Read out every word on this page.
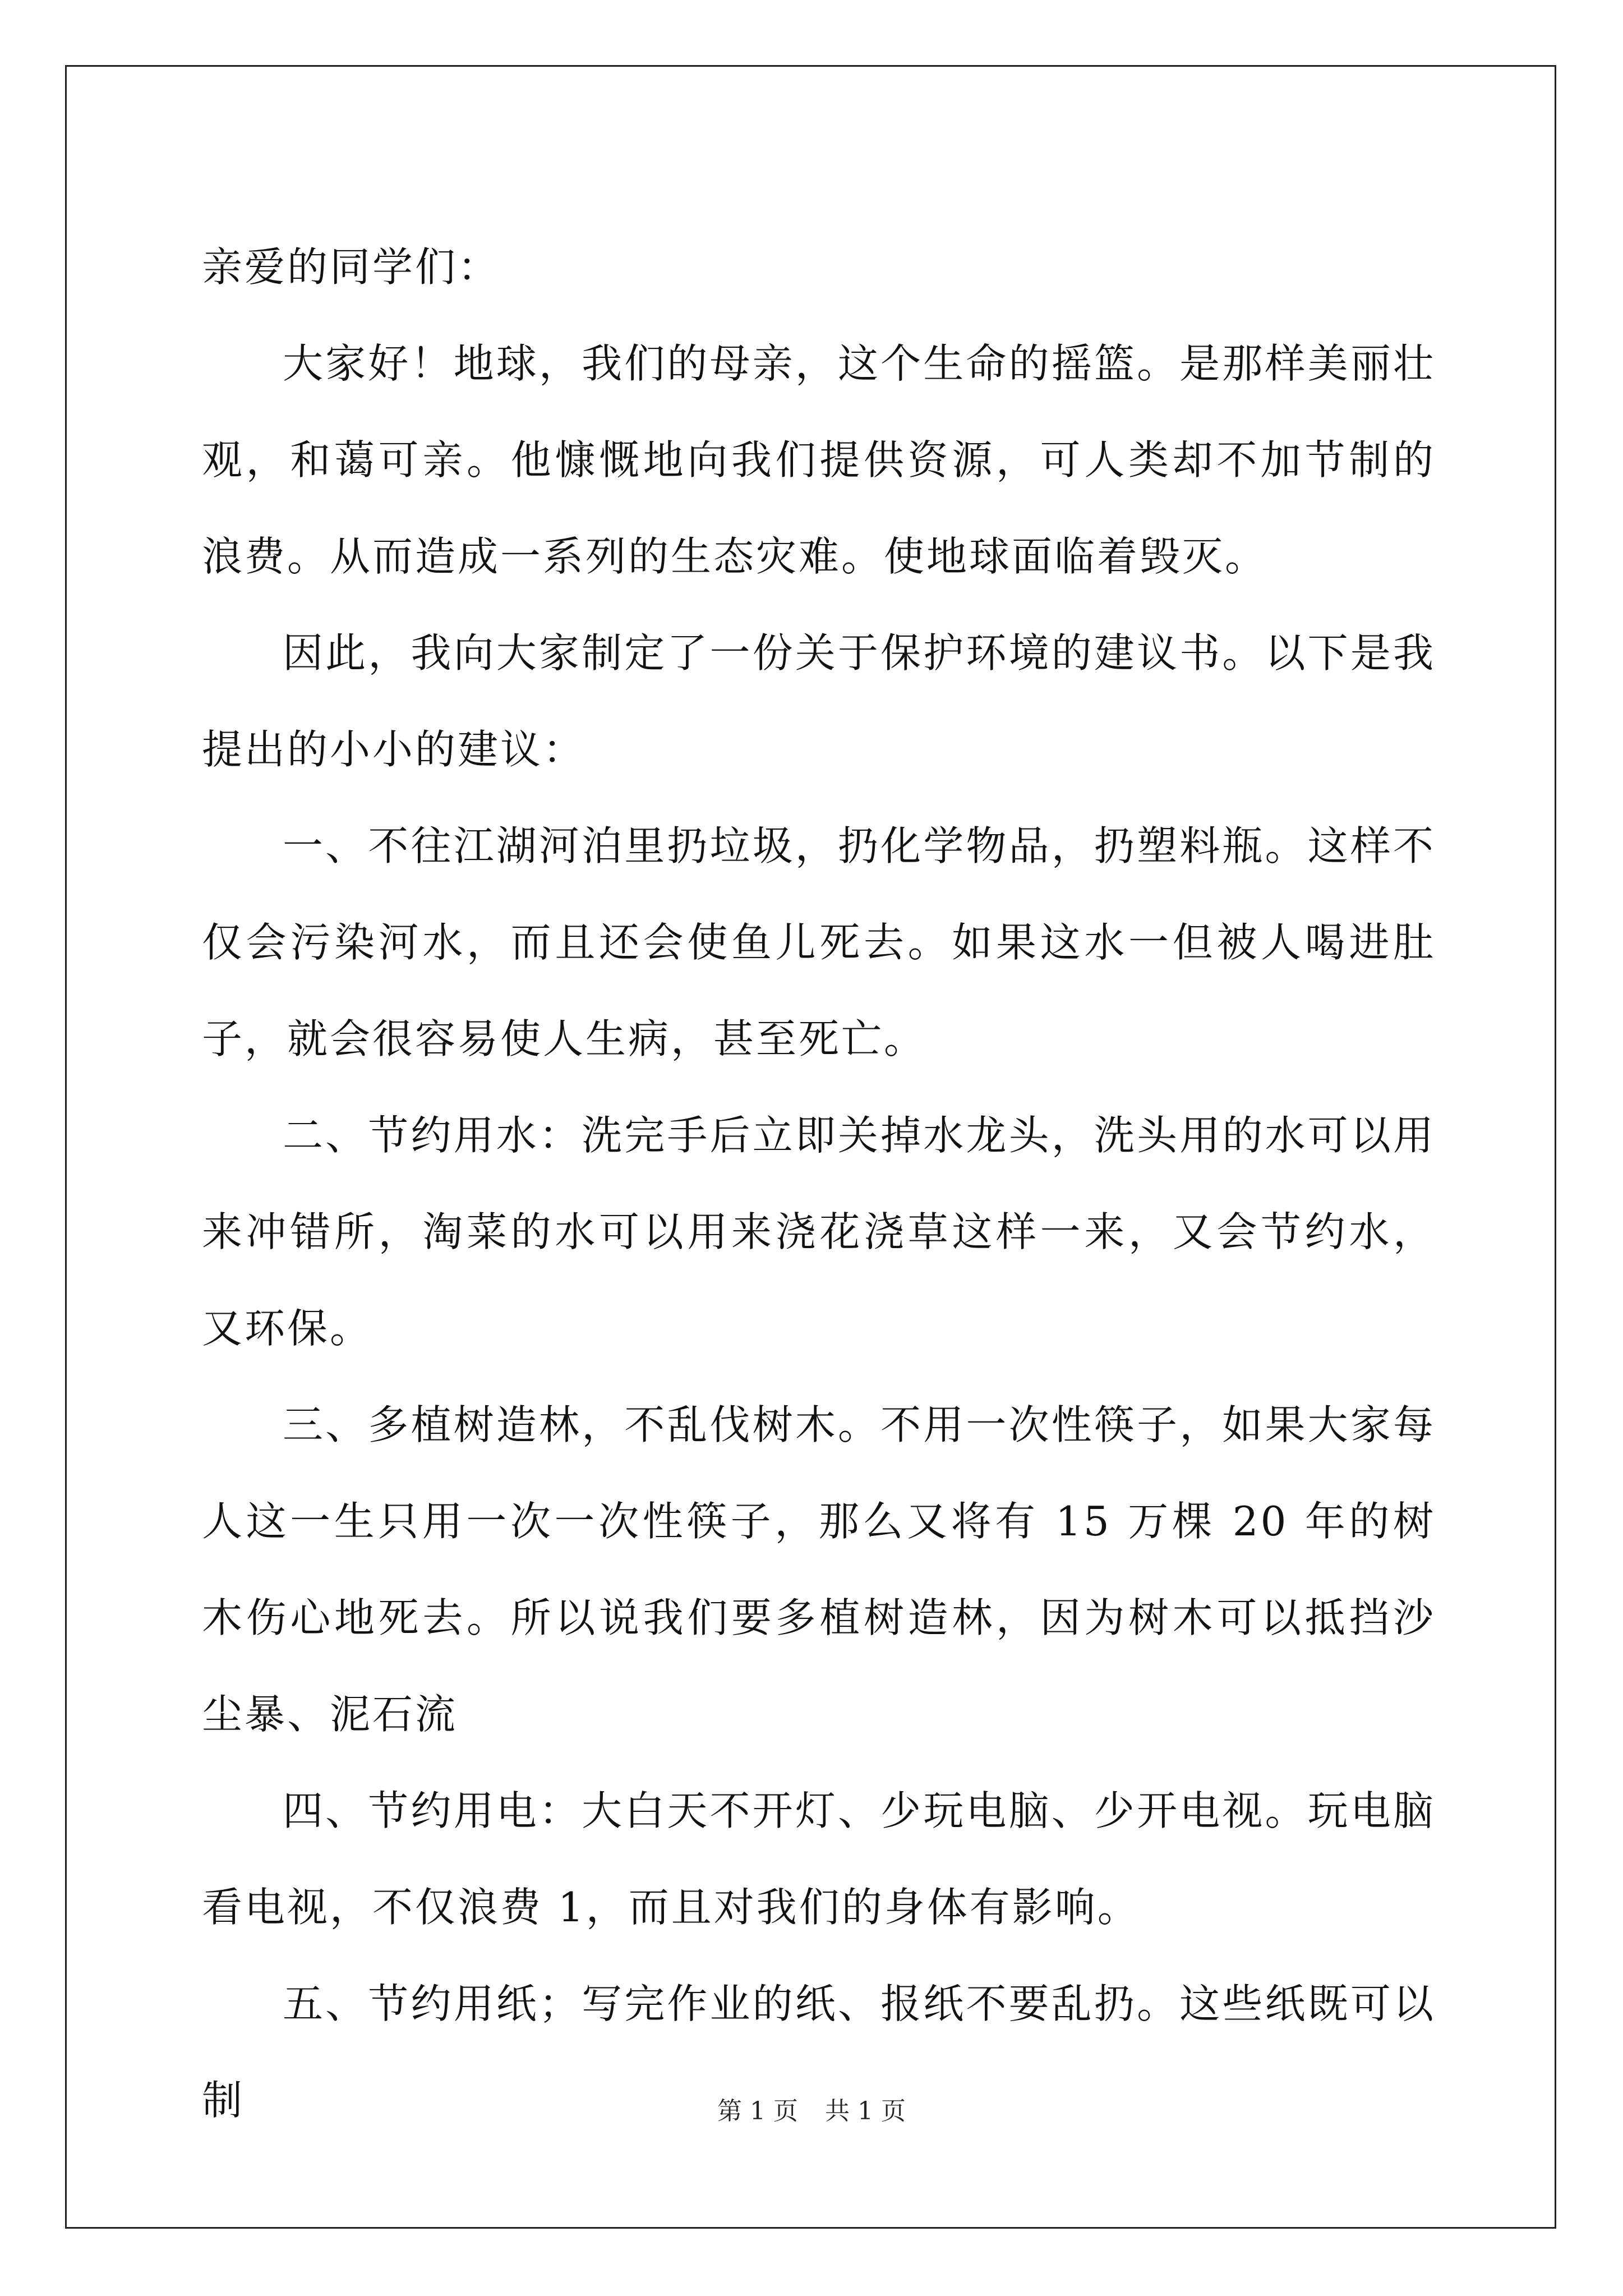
亲爱的同学们：

大家好！地球，我们的母亲，这个生命的摇篮。是那样美丽壮观，和蔼可亲。他慷慨地向我们提供资源，可人类却不加节制的浪费。从而造成一系列的生态灾难。使地球面临着毁灭。

因此，我向大家制定了一份关于保护环境的建议书。以下是我提出的小小的建议：

一、不往江湖河泊里扔垃圾，扔化学物品，扔塑料瓶。这样不仅会污染河水，而且还会使鱼儿死去。如果这水一但被人喝进肚子，就会很容易使人生病，甚至死亡。

二、节约用水：洗完手后立即关掉水龙头，洗头用的水可以用来冲错所，淘菜的水可以用来浇花浇草这样一来，又会节约水，又环保。

三、多植树造林，不乱伐树木。不用一次性筷子，如果大家每人这一生只用一次一次性筷子，那么又将有 15 万棵 20 年的树木伤心地死去。所以说我们要多植树造林，因为树木可以抵挡沙尘暴、泥石流

四、节约用电：大白天不开灯、少玩电脑、少开电视。玩电脑看电视，不仅浪费 1，而且对我们的身体有影响。

五、节约用纸；写完作业的纸、报纸不要乱扔。这些纸既可以制	第 1 页 共 1 页
